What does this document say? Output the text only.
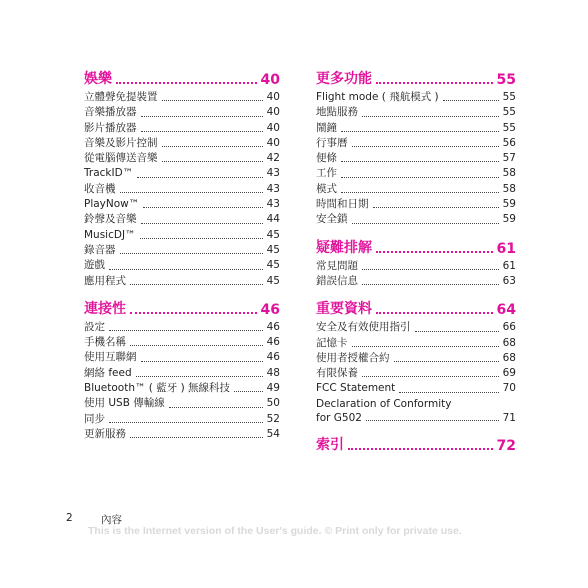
娛樂	40
立體聲免提裝置	40
音樂播放器	40
影片播放器	40
音樂及影片控制	40
從電腦傳送音樂	42
TrackID™	43
收音機	43
PlayNow™	43
鈴聲及音樂	44
MusicDJ™	45
錄音器	45
遊戲	45
應用程式	45
連接性	46
設定	46
手機名稱	46
使用互聯網	46
網絡 feed	48
Bluetooth™ ( 藍牙 ) 無線科技	49
使用 USB 傳輸線	50
同步	52
更新服務	54
更多功能	55
Flight mode ( 飛航模式 )	55
地點服務	55
鬧鐘	55
行事曆	56
便條	57
工作	58
模式	58
時間和日期	59
安全鎖	59
疑難排解	61
常見問題	61
錯誤信息	63
重要資料	64
安全及有效使用指引	66
記憶卡	68
使用者授權合約	68
有限保養	69
FCC Statement	70
Declaration of Conformity
for G502	71
索引	72
2	內容
This is the Internet version of the User's guide. © Print only for private use.
